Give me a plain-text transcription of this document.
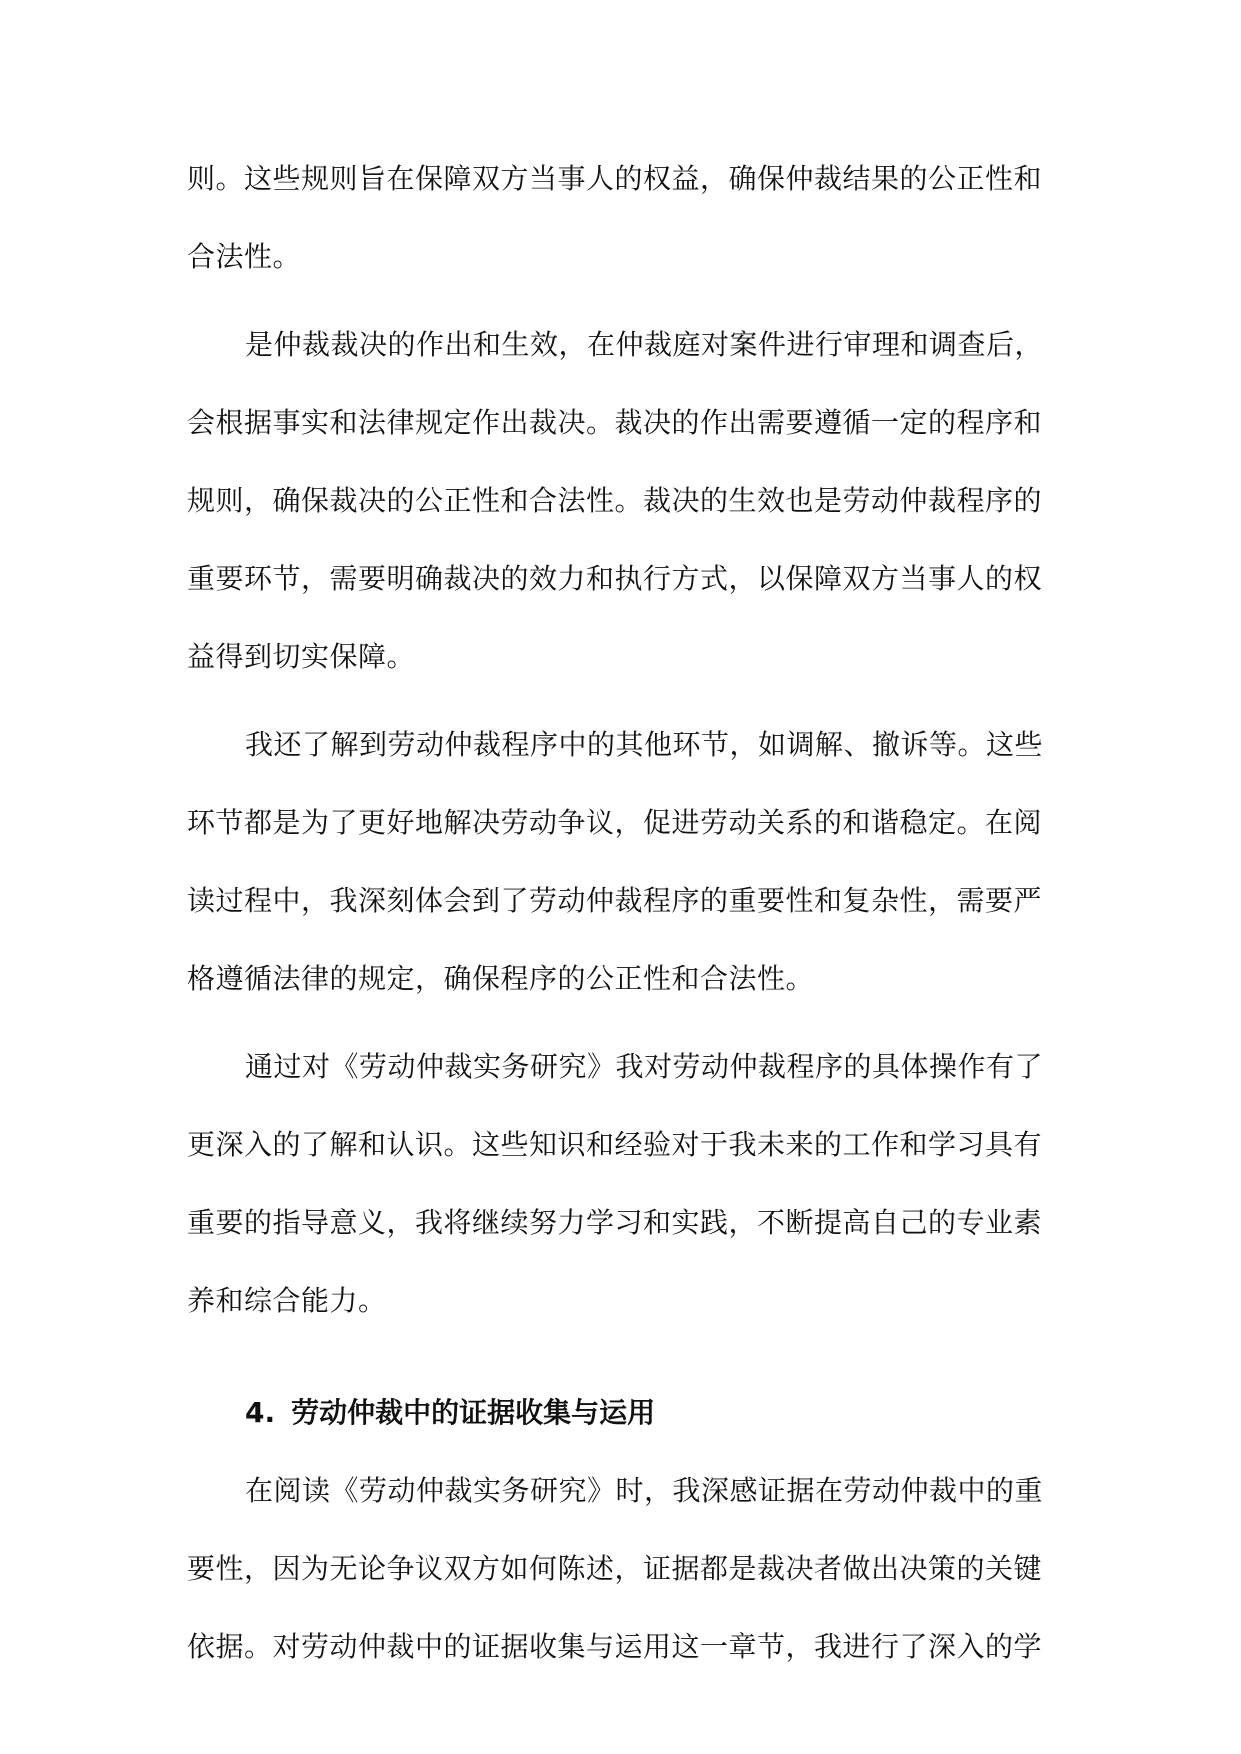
则。这些规则旨在保障双方当事人的权益，确保仲裁结果的公正性和
合法性。
是仲裁裁决的作出和生效，在仲裁庭对案件进行审理和调查后，
会根据事实和法律规定作出裁决。裁决的作出需要遵循一定的程序和
规则，确保裁决的公正性和合法性。裁决的生效也是劳动仲裁程序的
重要环节，需要明确裁决的效力和执行方式，以保障双方当事人的权
益得到切实保障。
我还了解到劳动仲裁程序中的其他环节，如调解、撤诉等。这些
环节都是为了更好地解决劳动争议，促进劳动关系的和谐稳定。在阅
读过程中，我深刻体会到了劳动仲裁程序的重要性和复杂性，需要严
格遵循法律的规定，确保程序的公正性和合法性。
通过对《劳动仲裁实务研究》我对劳动仲裁程序的具体操作有了
更深入的了解和认识。这些知识和经验对于我未来的工作和学习具有
重要的指导意义，我将继续努力学习和实践，不断提高自己的专业素
养和综合能力。
4. 劳动仲裁中的证据收集与运用
在阅读《劳动仲裁实务研究》时，我深感证据在劳动仲裁中的重
要性，因为无论争议双方如何陈述，证据都是裁决者做出决策的关键
依据。对劳动仲裁中的证据收集与运用这一章节，我进行了深入的学
